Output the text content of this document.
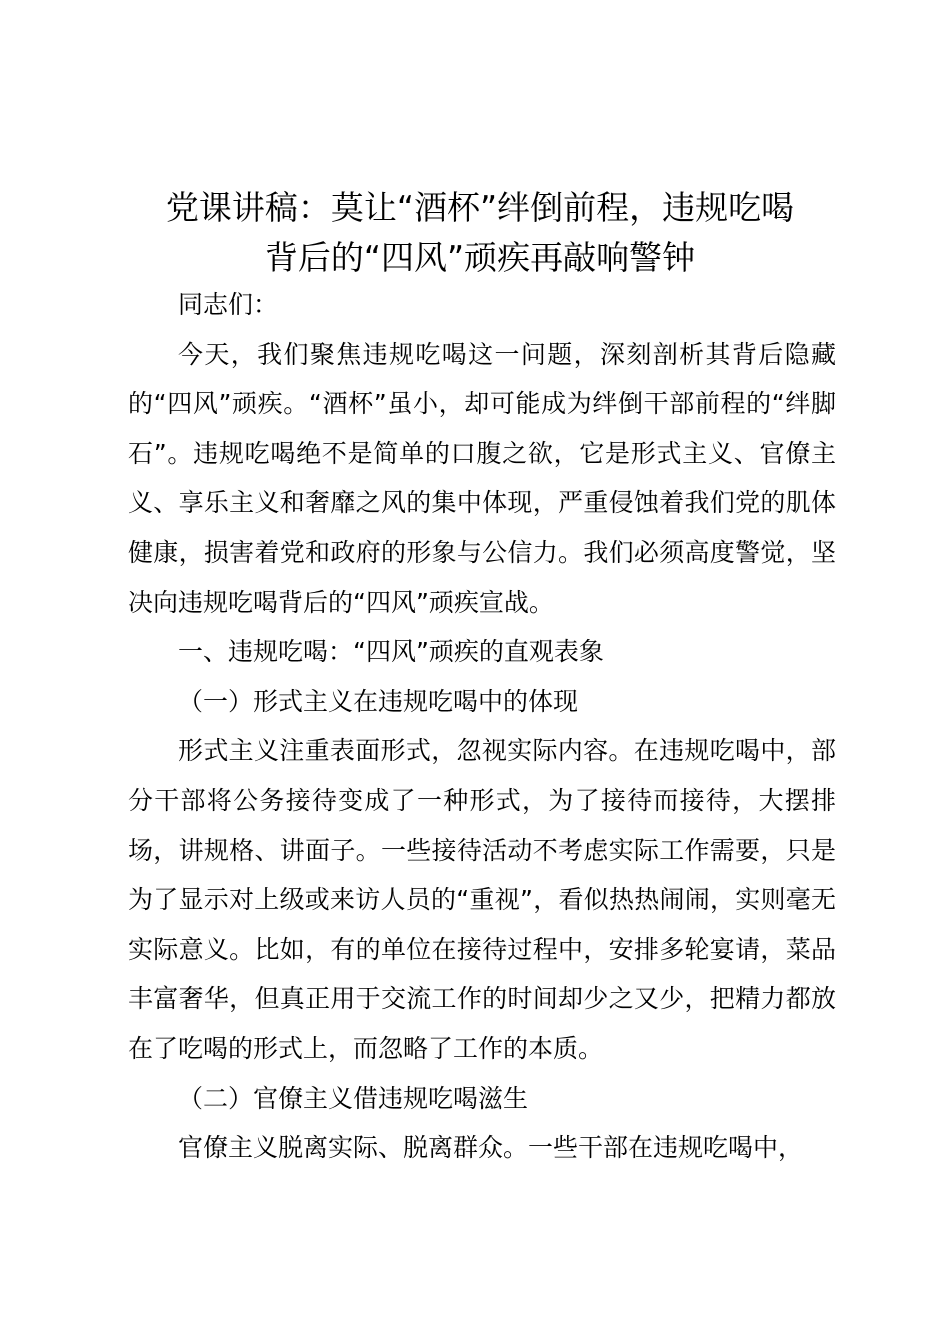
党课讲稿：莫让“酒杯”绊倒前程，违规吃喝
背后的“四风”顽疾再敲响警钟

同志们：

今天，我们聚焦违规吃喝这一问题，深刻剖析其背后隐藏的“四风”顽疾。“酒杯”虽小，却可能成为绊倒干部前程的“绊脚石”。违规吃喝绝不是简单的口腹之欲，它是形式主义、官僚主义、享乐主义和奢靡之风的集中体现，严重侵蚀着我们党的肌体健康，损害着党和政府的形象与公信力。我们必须高度警觉，坚决向违规吃喝背后的“四风”顽疾宣战。

一、违规吃喝：“四风”顽疾的直观表象

（一）形式主义在违规吃喝中的体现

形式主义注重表面形式，忽视实际内容。在违规吃喝中，部分干部将公务接待变成了一种形式，为了接待而接待，大摆排场，讲规格、讲面子。一些接待活动不考虑实际工作需要，只是为了显示对上级或来访人员的“重视”，看似热热闹闹，实则毫无实际意义。比如，有的单位在接待过程中，安排多轮宴请，菜品丰富奢华，但真正用于交流工作的时间却少之又少，把精力都放在了吃喝的形式上，而忽略了工作的本质。

（二）官僚主义借违规吃喝滋生

官僚主义脱离实际、脱离群众。一些干部在违规吃喝中，
